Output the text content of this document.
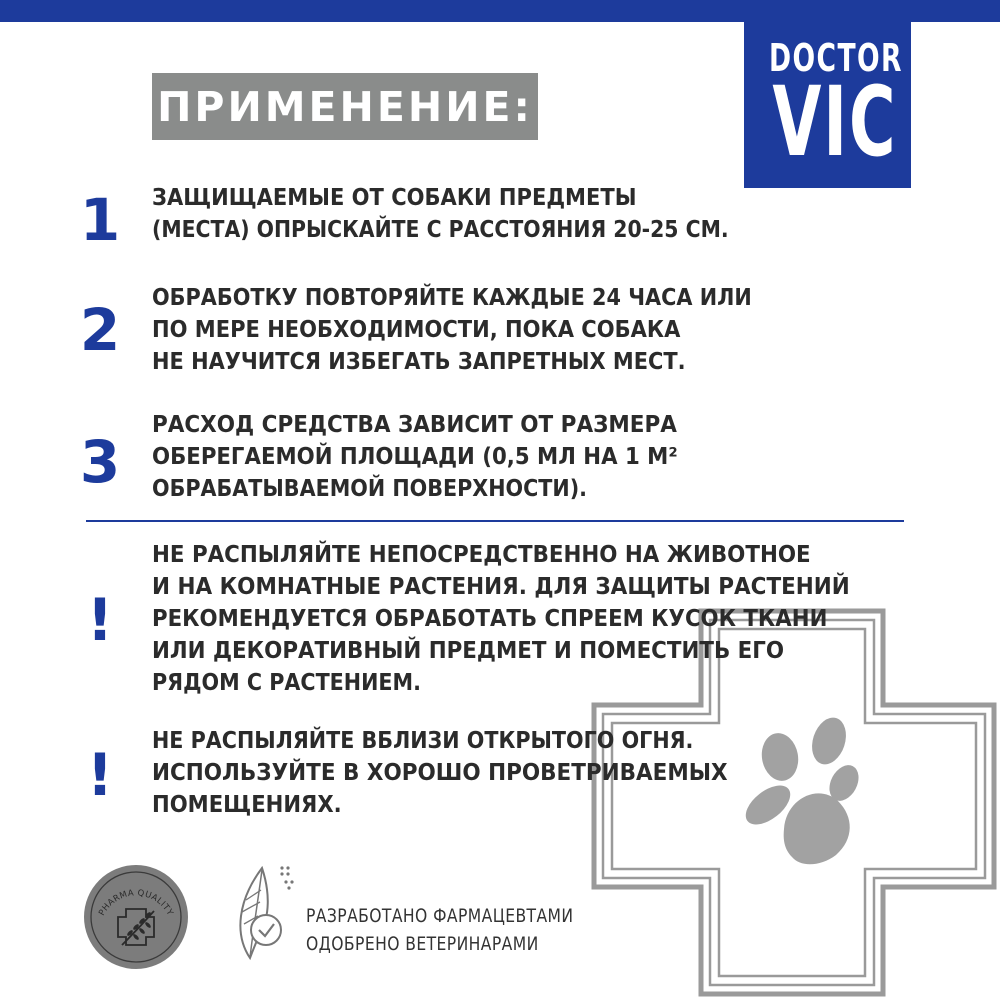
DOCTOR
VIC
ПРИМЕНЕНИЕ:
1	ЗАЩИЩАЕМЫЕ ОТ СОБАКИ ПРЕДМЕТЫ
(МЕСТА) ОПРЫСКАЙТЕ С РАССТОЯНИЯ 20-25 СМ.
2	ОБРАБОТКУ ПОВТОРЯЙТЕ КАЖДЫЕ 24 ЧАСА ИЛИ
ПО МЕРЕ НЕОБХОДИМОСТИ, ПОКА СОБАКА
НЕ НАУЧИТСЯ ИЗБЕГАТЬ ЗАПРЕТНЫХ МЕСТ.
3
РАСХОД СРЕДСТВА ЗАВИСИТ ОТ РАЗМЕРА
ОБЕРЕГАЕМОЙ ПЛОЩАДИ (0,5 МЛ НА 1 М²
ОБРАБАТЫВАЕМОЙ ПОВЕРХНОСТИ).
!
НЕ РАСПЫЛЯЙТЕ НЕПОСРЕДСТВЕННО НА ЖИВОТНОЕ
И НА КОМНАТНЫЕ РАСТЕНИЯ. ДЛЯ ЗАЩИТЫ РАСТЕНИЙ
РЕКОМЕНДУЕТСЯ ОБРАБОТАТЬ СПРЕЕМ КУСОК ТКАНИ
ИЛИ ДЕКОРАТИВНЫЙ ПРЕДМЕТ И ПОМЕСТИТЬ ЕГО
РЯДОМ С РАСТЕНИЕМ.
!
НЕ РАСПЫЛЯЙТЕ ВБЛИЗИ ОТКРЫТОГО ОГНЯ.
ИСПОЛЬЗУЙТЕ В ХОРОШО ПРОВЕТРИВАЕМЫХ
ПОМЕЩЕНИЯХ.
PHARMA QUALITY	РАЗРАБОТАНО ФАРМАЦЕВТАМИ
ОДОБРЕНО ВЕТЕРИНАРАМИ
